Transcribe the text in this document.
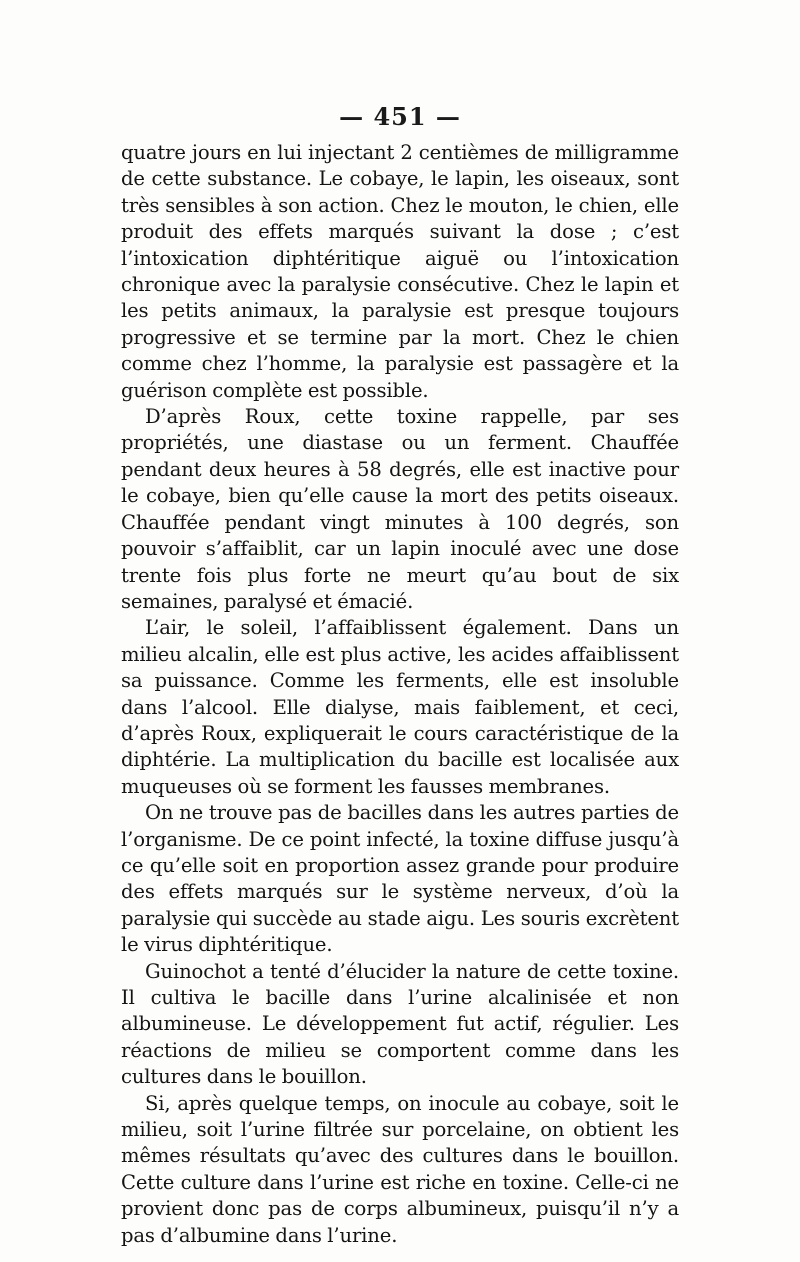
— 451 —

quatre jours en lui injectant 2 centièmes de milligramme de cette substance. Le cobaye, le lapin, les oiseaux, sont très sensibles à son action. Chez le mouton, le chien, elle produit des effets marqués suivant la dose ; c’est l’intoxication diphtéritique aiguë ou l’intoxication chronique avec la paralysie consécutive. Chez le lapin et les petits animaux, la paralysie est presque toujours progressive et se termine par la mort. Chez le chien comme chez l’homme, la paralysie est passagère et la guérison complète est possible.

D’après Roux, cette toxine rappelle, par ses propriétés, une diastase ou un ferment. Chauffée pendant deux heures à 58 degrés, elle est inactive pour le cobaye, bien qu’elle cause la mort des petits oiseaux. Chauffée pendant vingt minutes à 100 degrés, son pouvoir s’affaiblit, car un lapin inoculé avec une dose trente fois plus forte ne meurt qu’au bout de six semaines, paralysé et émacié.

L’air, le soleil, l’affaiblissent également. Dans un milieu alcalin, elle est plus active, les acides affaiblissent sa puissance. Comme les ferments, elle est insoluble dans l’alcool. Elle dialyse, mais faiblement, et ceci, d’après Roux, expliquerait le cours caractéristique de la diphtérie. La multiplication du bacille est localisée aux muqueuses où se forment les fausses membranes.

On ne trouve pas de bacilles dans les autres parties de l’organisme. De ce point infecté, la toxine diffuse jusqu’à ce qu’elle soit en proportion assez grande pour produire des effets marqués sur le système nerveux, d’où la paralysie qui succède au stade aigu. Les souris excrètent le virus diphtéritique.

Guinochot a tenté d’élucider la nature de cette toxine. Il cultiva le bacille dans l’urine alcalinisée et non albumineuse. Le développement fut actif, régulier. Les réactions de milieu se comportent comme dans les cultures dans le bouillon.

Si, après quelque temps, on inocule au cobaye, soit le milieu, soit l’urine filtrée sur porcelaine, on obtient les mêmes résultats qu’avec des cultures dans le bouillon. Cette culture dans l’urine est riche en toxine. Celle-ci ne provient donc pas de corps albumineux, puisqu’il n’y a pas d’albumine dans l’urine.
